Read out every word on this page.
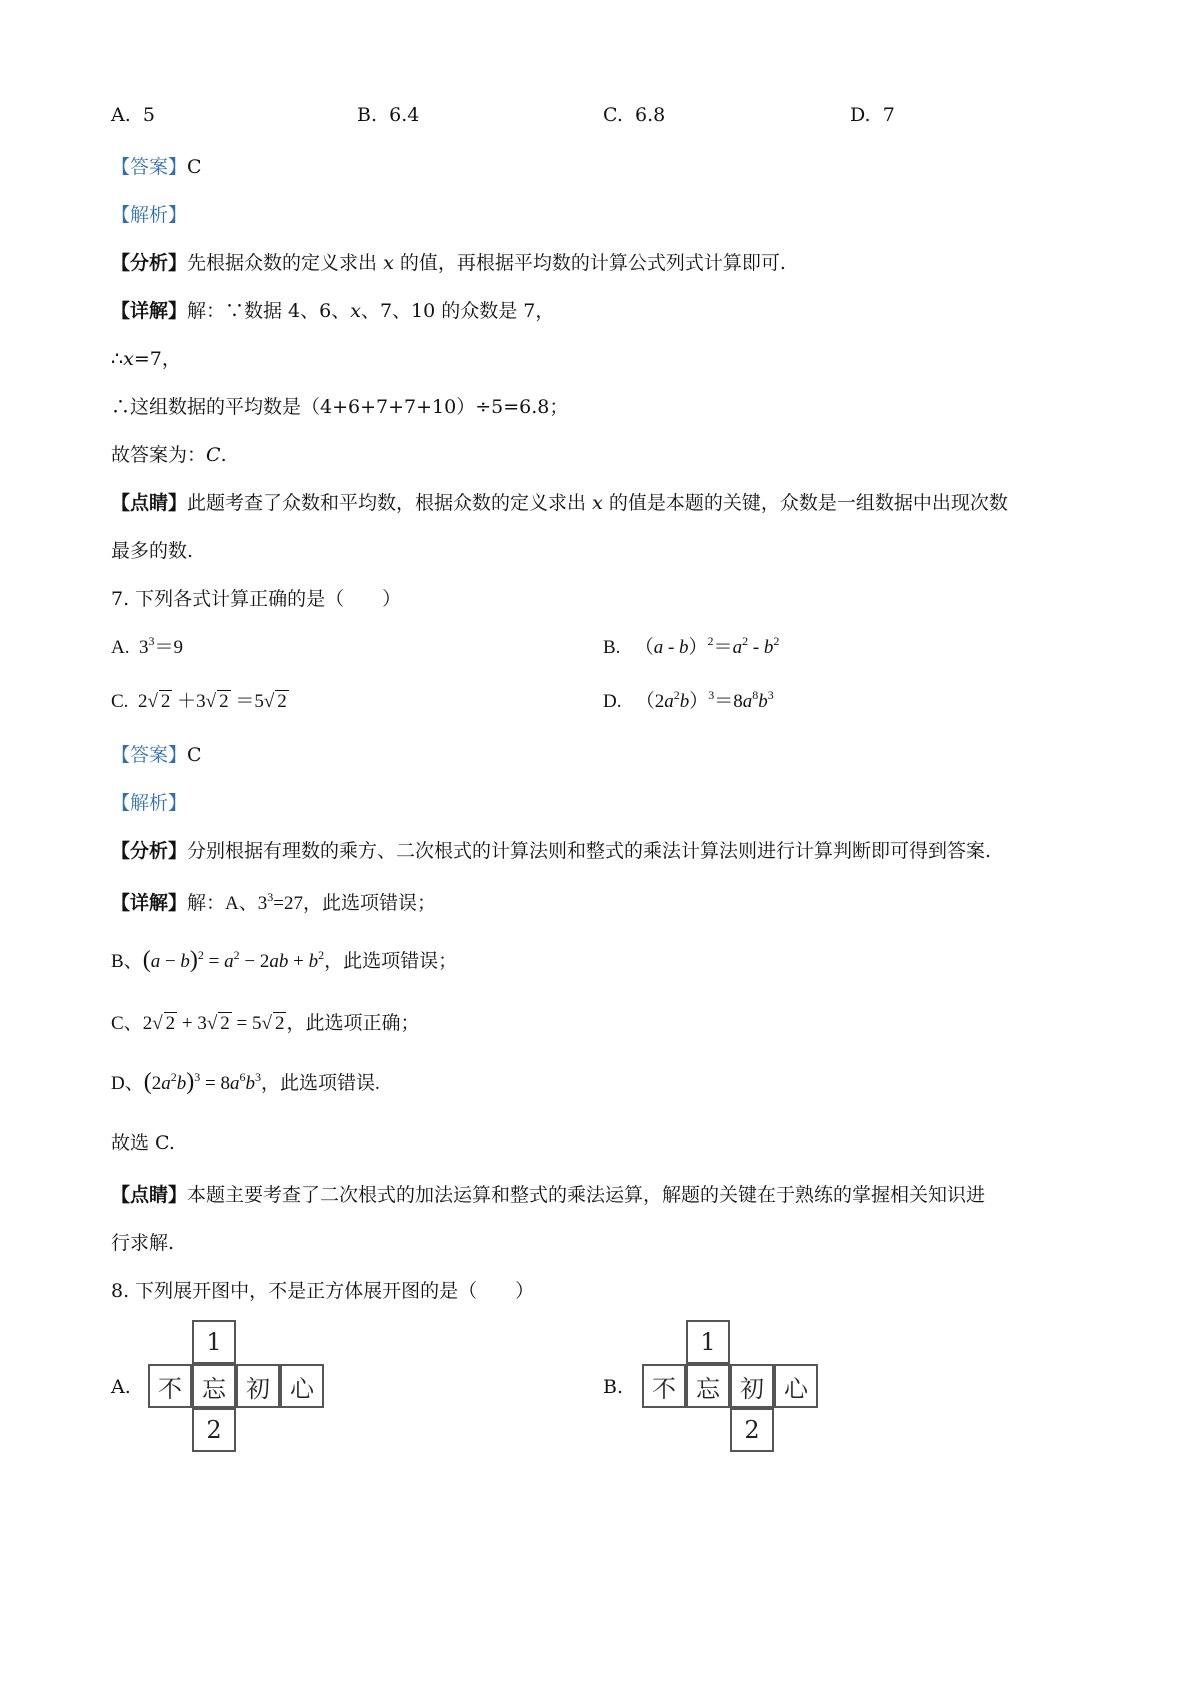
A. 5	B. 6.4	C. 6.8	D. 7
【答案】C
【解析】
【分析】先根据众数的定义求出 x 的值，再根据平均数的计算公式列式计算即可.
【详解】解：∵数据 4、6、x、7、10 的众数是 7，
∴x=7，
∴这组数据的平均数是（4+6+7+7+10）÷5=6.8；
故答案为：C.
【点睛】此题考查了众数和平均数，根据众数的定义求出 x 的值是本题的关键，众数是一组数据中出现次数
最多的数.
7. 下列各式计算正确的是（　　）
A.  $3^3=9$	B.   $(a - b)^2=a^2 - b^2$
C.  2√ 2 ＋3√ 2 ＝5√ 2	D.   $(2a^2b)^3=8a^8b^3$
【答案】C
【解析】
【分析】分别根据有理数的乘方、二次根式的计算法则和整式的乘法计算法则进行计算判断即可得到答案.
【详解】解：A、$3^3=27$，此选项错误；
B、$(a - b)^2 = a^2 - 2ab + b^2$，此选项错误；
C、2√ 2 + 3√ 2 = 5√ 2 ，此选项正确；
D、$(2a^2b)^3 = 8a^6b^3$，此选项错误.
故选 C.
【点睛】本题主要考查了二次根式的加法运算和整式的乘法运算，解题的关键在于熟练的掌握相关知识进
行求解.
8. 下列展开图中，不是正方体展开图的是（　　）
A.
1
不 忘 初 心
2
B.
1
不 忘 初 心
2
